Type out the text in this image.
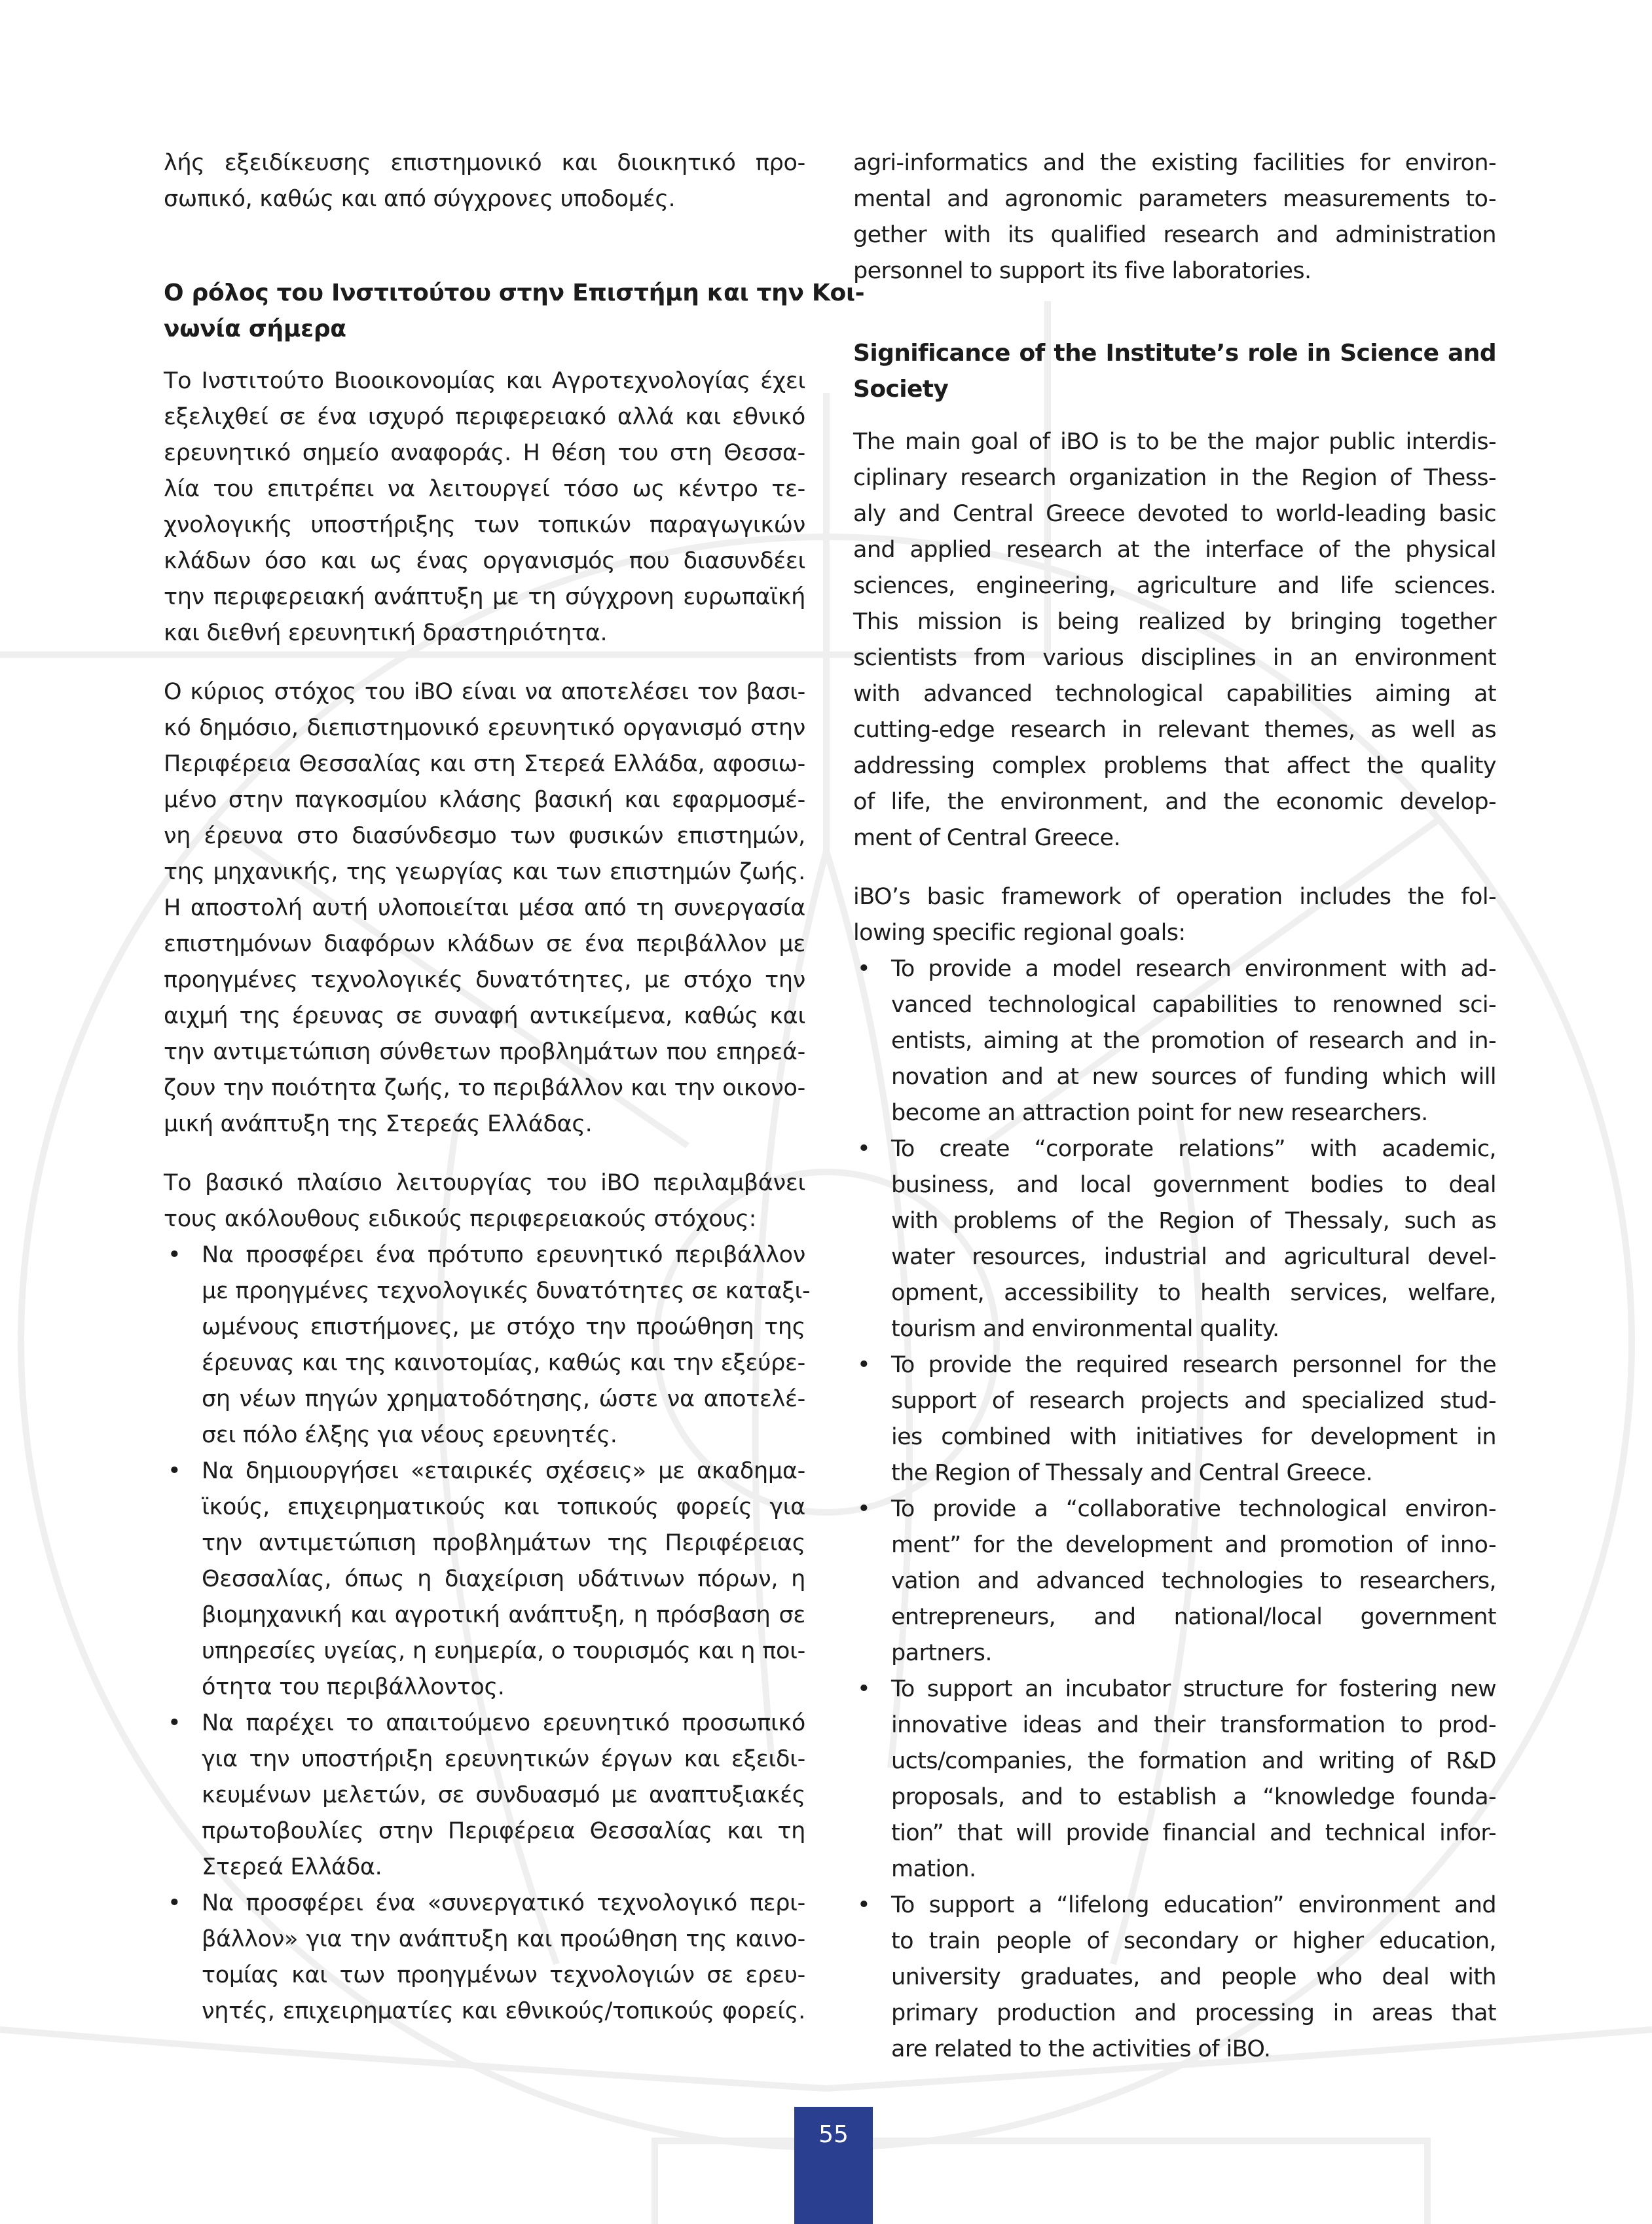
λής εξειδίκευσης επιστημονικό και διοικητικό προ-
σωπικό, καθώς και από σύγχρονες υποδομές.
Ο ρόλος του Ινστιτούτου στην Επιστήμη και την Κοι-
νωνία σήμερα
Το Ινστιτούτο Βιοοικονομίας και Αγροτεχνολογίας έχει
εξελιχθεί σε ένα ισχυρό περιφερειακό αλλά και εθνικό
ερευνητικό σημείο αναφοράς. Η θέση του στη Θεσσα-
λία του επιτρέπει να λειτουργεί τόσο ως κέντρο τε-
χνολογικής υποστήριξης των τοπικών παραγωγικών
κλάδων όσο και ως ένας οργανισμός που διασυνδέει
την περιφερειακή ανάπτυξη με τη σύγχρονη ευρωπαϊκή
και διεθνή ερευνητική δραστηριότητα.
Ο κύριος στόχος του iBO είναι να αποτελέσει τον βασι-
κό δημόσιο, διεπιστημονικό ερευνητικό οργανισμό στην
Περιφέρεια Θεσσαλίας και στη Στερεά Ελλάδα, αφοσιω-
μένο στην παγκοσμίου κλάσης βασική και εφαρμοσμέ-
νη έρευνα στο διασύνδεσμο των φυσικών επιστημών,
της μηχανικής, της γεωργίας και των επιστημών ζωής.
Η αποστολή αυτή υλοποιείται μέσα από τη συνεργασία
επιστημόνων διαφόρων κλάδων σε ένα περιβάλλον με
προηγμένες τεχνολογικές δυνατότητες, με στόχο την
αιχμή της έρευνας σε συναφή αντικείμενα, καθώς και
την αντιμετώπιση σύνθετων προβλημάτων που επηρεά-
ζουν την ποιότητα ζωής, το περιβάλλον και την οικονο-
μική ανάπτυξη της Στερεάς Ελλάδας.
Το βασικό πλαίσιο λειτουργίας του iBO περιλαμβάνει
τους ακόλουθους ειδικούς περιφερειακούς στόχους:
• Να προσφέρει ένα πρότυπο ερευνητικό περιβάλλον
με προηγμένες τεχνολογικές δυνατότητες σε καταξι-
ωμένους επιστήμονες, με στόχο την προώθηση της
έρευνας και της καινοτομίας, καθώς και την εξεύρε-
ση νέων πηγών χρηματοδότησης, ώστε να αποτελέ-
σει πόλο έλξης για νέους ερευνητές.
• Να δημιουργήσει «εταιρικές σχέσεις» με ακαδημα-
ϊκούς, επιχειρηματικούς και τοπικούς φορείς για
την αντιμετώπιση προβλημάτων της Περιφέρειας
Θεσσαλίας, όπως η διαχείριση υδάτινων πόρων, η
βιομηχανική και αγροτική ανάπτυξη, η πρόσβαση σε
υπηρεσίες υγείας, η ευημερία, ο τουρισμός και η ποι-
ότητα του περιβάλλοντος.
• Να παρέχει το απαιτούμενο ερευνητικό προσωπικό
για την υποστήριξη ερευνητικών έργων και εξειδι-
κευμένων μελετών, σε συνδυασμό με αναπτυξιακές
πρωτοβουλίες στην Περιφέρεια Θεσσαλίας και τη
Στερεά Ελλάδα.
• Να προσφέρει ένα «συνεργατικό τεχνολογικό περι-
βάλλον» για την ανάπτυξη και προώθηση της καινο-
τομίας και των προηγμένων τεχνολογιών σε ερευ-
νητές, επιχειρηματίες και εθνικούς/τοπικούς φορείς.
agri-informatics and the existing facilities for environ-
mental and agronomic parameters measurements to-
gether with its qualified research and administration
personnel to support its five laboratories.
Significance of the Institute’s role in Science and
Society
The main goal of iBO is to be the major public interdis-
ciplinary research organization in the Region of Thess-
aly and Central Greece devoted to world-leading basic
and applied research at the interface of the physical
sciences, engineering, agriculture and life sciences.
This mission is being realized by bringing together
scientists from various disciplines in an environment
with advanced technological capabilities aiming at
cutting-edge research in relevant themes, as well as
addressing complex problems that affect the quality
of life, the environment, and the economic develop-
ment of Central Greece.
iBO’s basic framework of operation includes the fol-
lowing specific regional goals:
• To provide a model research environment with ad-
vanced technological capabilities to renowned sci-
entists, aiming at the promotion of research and in-
novation and at new sources of funding which will
become an attraction point for new researchers.
• To create “corporate relations” with academic,
business, and local government bodies to deal
with problems of the Region of Thessaly, such as
water resources, industrial and agricultural devel-
opment, accessibility to health services, welfare,
tourism and environmental quality.
• To provide the required research personnel for the
support of research projects and specialized stud-
ies combined with initiatives for development in
the Region of Thessaly and Central Greece.
• To provide a “collaborative technological environ-
ment” for the development and promotion of inno-
vation and advanced technologies to researchers,
entrepreneurs, and national/local government
partners.
• To support an incubator structure for fostering new
innovative ideas and their transformation to prod-
ucts/companies, the formation and writing of R&D
proposals, and to establish a “knowledge founda-
tion” that will provide financial and technical infor-
mation.
• To support a “lifelong education” environment and
to train people of secondary or higher education,
university graduates, and people who deal with
primary production and processing in areas that
are related to the activities of iBO.
55
